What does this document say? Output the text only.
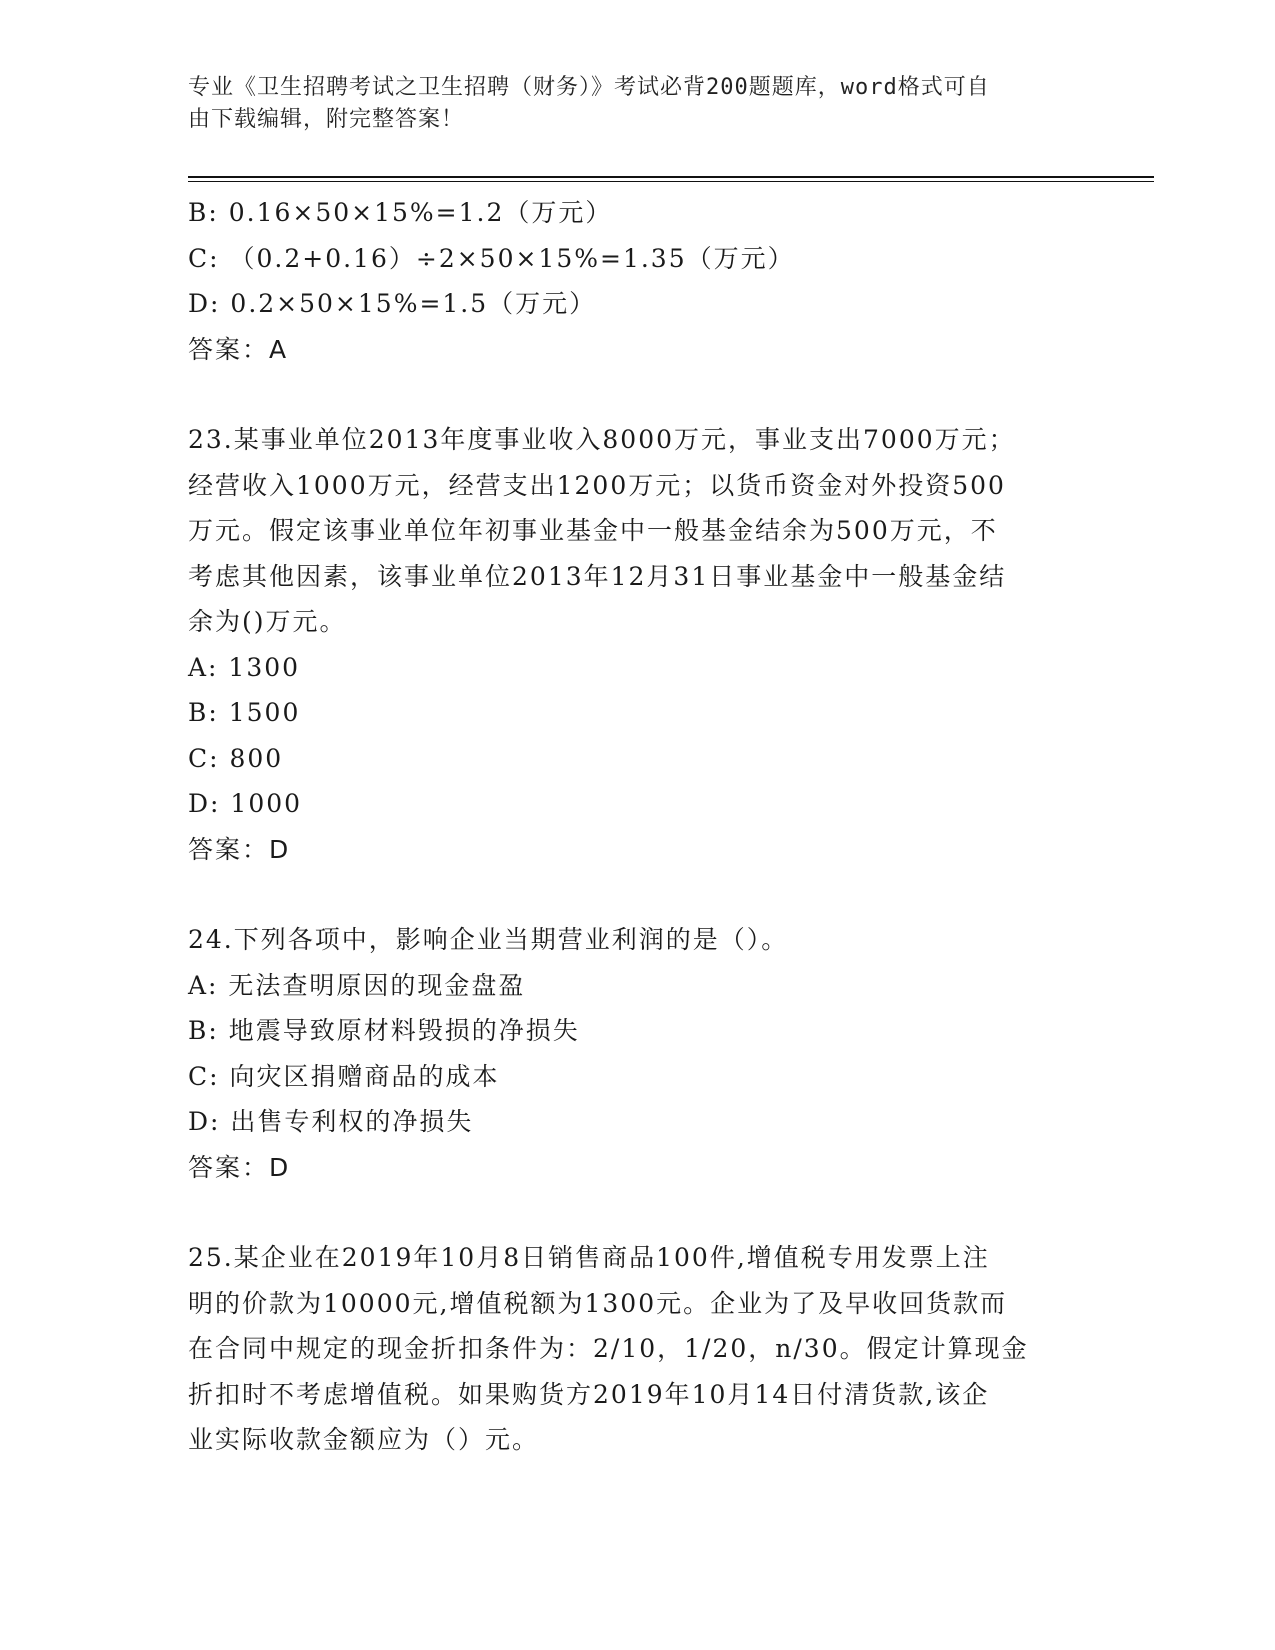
专业《卫生招聘考试之卫生招聘（财务）》考试必背200题题库，word格式可自
由下载编辑，附完整答案！
B: 0.16×50×15%=1.2（万元）
C: （0.2+0.16）÷2×50×15%=1.35（万元）
D: 0.2×50×15%=1.5（万元）
答案：A
23.某事业单位2013年度事业收入8000万元，事业支出7000万元；
经营收入1000万元，经营支出1200万元；以货币资金对外投资500
万元。假定该事业单位年初事业基金中一般基金结余为500万元，不
考虑其他因素，该事业单位2013年12月31日事业基金中一般基金结
余为()万元。
A: 1300
B: 1500
C: 800
D: 1000
答案：D
24.下列各项中，影响企业当期营业利润的是（）。
A: 无法查明原因的现金盘盈
B: 地震导致原材料毁损的净损失
C: 向灾区捐赠商品的成本
D: 出售专利权的净损失
答案：D
25.某企业在2019年10月8日销售商品100件,增值税专用发票上注
明的价款为10000元,增值税额为1300元。企业为了及早收回货款而
在合同中规定的现金折扣条件为：2/10，1/20，n/30。假定计算现金
折扣时不考虑增值税。如果购货方2019年10月14日付清货款,该企
业实际收款金额应为（）元。
